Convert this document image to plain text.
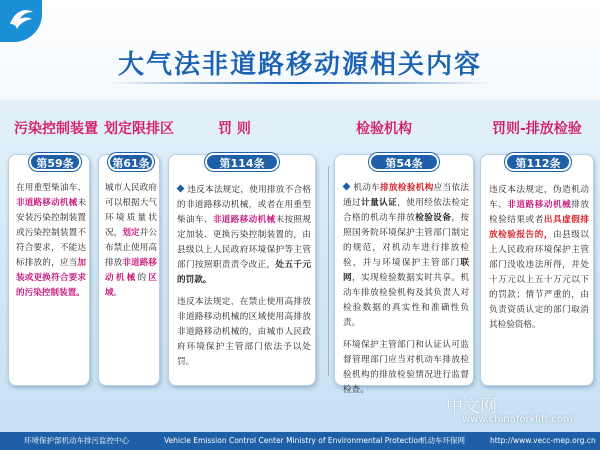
大气法非道路移动源相关内容
污染控制装置 划定限排区	罚 则	检验机构	罚则-排放检验
第59条
在用重型柴油车、非道路移动机械未安装污染控制装置或污染控制装置不符合要求，不能达标排放的，应当加装或更换符合要求的污染控制装置。
第61条
城市人民政府可以根据大气环境质量状况，划定并公布禁止使用高排放非道路移动机械的区域。
第114条

违反本法规定，使用排放不合格的非道路移动机械，或者在用重型柴油车、非道路移动机械未按照规定加装、更换污染控制装置的，由县级以上人民政府环境保护等主管部门按照职责责令改正，处五千元的罚款。

违反本法规定，在禁止使用高排放非道路移动机械的区域使用高排放非道路移动机械的，由城市人民政府环境保护主管部门依法予以处罚。

第54条

机动车排放检验机构应当依法通过计量认证，使用经依法检定合格的机动车排放检验设备，按照国务院环境保护主管部门制定的规范，对机动车进行排放检验，并与环境保护主管部门联网，实现检验数据实时共享。机动车排放检验机构及其负责人对检验数据的真实性和准确性负责。

环境保护主管部门和认证认可监督管理部门应当对机动车排放检验机构的排放检验情况进行监督检查。

第112条
违反本法规定，伪造机动车、非道路移动机械排放检验结果或者出具虚假排放检验报告的，由县级以上人民政府环境保护主管部门没收违法所得，并处十万元以上五十万元以下的罚款；情节严重的，由负责资质认定的部门取消其检验资格。
中文网
www.chinaforklift.com
环境保护部机动车排污监控中心	Vehicle Emission Control Center Ministry of Environmental Protection
机动车环保网	http://www.vecc-mep.org.cn
